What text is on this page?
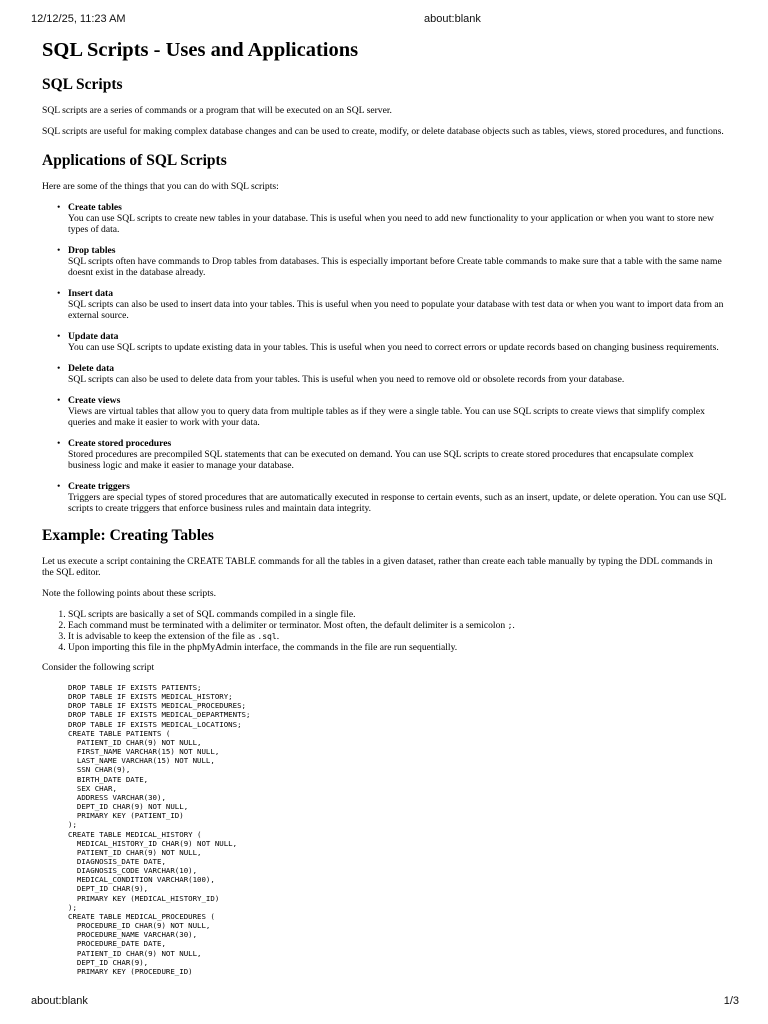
12/12/25, 11:23 AM	about:blank
SQL Scripts - Uses and Applications
SQL Scripts

SQL scripts are a series of commands or a program that will be executed on an SQL server.

SQL scripts are useful for making complex database changes and can be used to create, modify, or delete database objects such as tables, views, stored procedures, and functions.

Applications of SQL Scripts

Here are some of the things that you can do with SQL scripts:

• Create tables
You can use SQL scripts to create new tables in your database. This is useful when you need to add new functionality to your application or when you want to store new types of data.
• Drop tables
SQL scripts often have commands to Drop tables from databases. This is especially important before Create table commands to make sure that a table with the same name doesnt exist in the database already.
• Insert data
SQL scripts can also be used to insert data into your tables. This is useful when you need to populate your database with test data or when you want to import data from an external source.
• Update data
You can use SQL scripts to update existing data in your tables. This is useful when you need to correct errors or update records based on changing business requirements.
• Delete data
SQL scripts can also be used to delete data from your tables. This is useful when you need to remove old or obsolete records from your database.
• Create views
Views are virtual tables that allow you to query data from multiple tables as if they were a single table. You can use SQL scripts to create views that simplify complex queries and make it easier to work with your data.
• Create stored procedures
Stored procedures are precompiled SQL statements that can be executed on demand. You can use SQL scripts to create stored procedures that encapsulate complex business logic and make it easier to manage your database.
• Create triggers
Triggers are special types of stored procedures that are automatically executed in response to certain events, such as an insert, update, or delete operation. You can use SQL scripts to create triggers that enforce business rules and maintain data integrity.
Example: Creating Tables

Let us execute a script containing the CREATE TABLE commands for all the tables in a given dataset, rather than create each table manually by typing the DDL commands in the SQL editor.

Note the following points about these scripts.

1. SQL scripts are basically a set of SQL commands compiled in a single file.
2. Each command must be terminated with a delimiter or terminator. Most often, the default delimiter is a semicolon ;.
3. It is advisable to keep the extension of the file as .sql.
4. Upon importing this file in the phpMyAdmin interface, the commands in the file are run sequentially.

Consider the following script

DROP TABLE IF EXISTS PATIENTS;
DROP TABLE IF EXISTS MEDICAL_HISTORY;
DROP TABLE IF EXISTS MEDICAL_PROCEDURES;
DROP TABLE IF EXISTS MEDICAL_DEPARTMENTS;
DROP TABLE IF EXISTS MEDICAL_LOCATIONS;
CREATE TABLE PATIENTS (
PATIENT_ID CHAR(9) NOT NULL,
FIRST_NAME VARCHAR(15) NOT NULL,
LAST_NAME VARCHAR(15) NOT NULL,
SSN CHAR(9),
BIRTH_DATE DATE,
SEX CHAR,
ADDRESS VARCHAR(30),
DEPT_ID CHAR(9) NOT NULL,
PRIMARY KEY (PATIENT_ID)
);
CREATE TABLE MEDICAL_HISTORY (
MEDICAL_HISTORY_ID CHAR(9) NOT NULL,
PATIENT_ID CHAR(9) NOT NULL,
DIAGNOSIS_DATE DATE,
DIAGNOSIS_CODE VARCHAR(10),
MEDICAL_CONDITION VARCHAR(100),
DEPT_ID CHAR(9),
PRIMARY KEY (MEDICAL_HISTORY_ID)
);
CREATE TABLE MEDICAL_PROCEDURES (
PROCEDURE_ID CHAR(9) NOT NULL,
PROCEDURE_NAME VARCHAR(30),
PROCEDURE_DATE DATE,
PATIENT_ID CHAR(9) NOT NULL,
DEPT_ID CHAR(9),
PRIMARY KEY (PROCEDURE_ID)
about:blank	1/3
